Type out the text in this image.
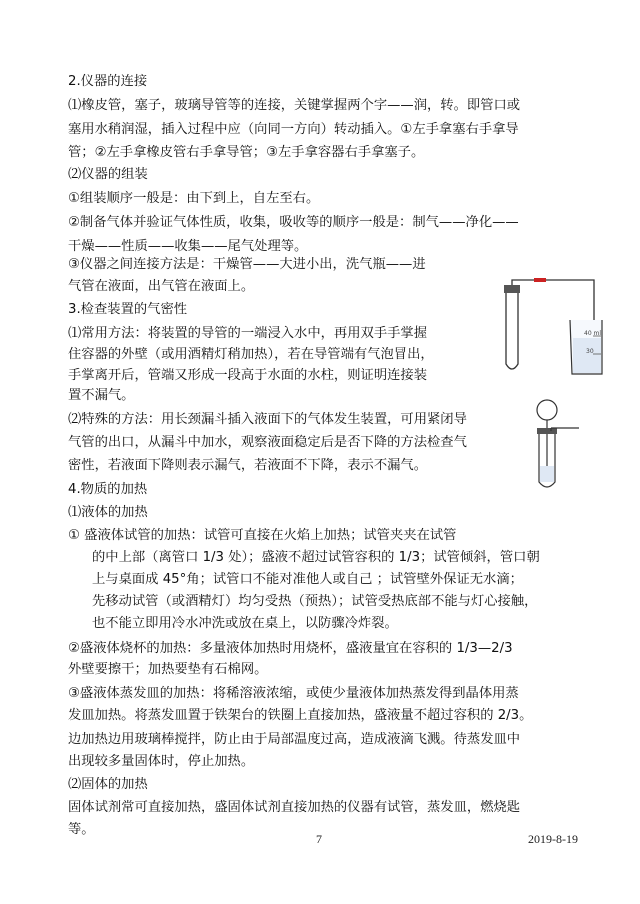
​
2.仪器的连接
⑴橡皮管，塞子，玻璃导管等的连接，关键掌握两个字——润，转。即管口或
塞用水稍润湿，插入过程中应（向同一方向）转动插入。①左手拿塞右手拿导
管；②左手拿橡皮管右手拿导管；③左手拿容器右手拿塞子。
⑵仪器的组装
①组装顺序一般是：由下到上，自左至右。
②制备气体并验证气体性质，收集，吸收等的顺序一般是：制气——净化——
干燥——性质——收集——尾气处理等。
③仪器之间连接方法是：干燥管——大进小出，洗气瓶——进
气管在液面，出气管在液面上。
3.检查装置的气密性
⑴常用方法：将装置的导管的一端浸入水中，再用双手手掌握
住容器的外壁（或用酒精灯稍加热），若在导管端有气泡冒出，
手掌离开后，管端又形成一段高于水面的水柱，则证明连接装
置不漏气。
⑵特殊的方法：用长颈漏斗插入液面下的气体发生装置，可用紧闭导
气管的出口，从漏斗中加水，观察液面稳定后是否下降的方法检查气
密性，若液面下降则表示漏气，若液面不下降，表示不漏气。
4.物质的加热
⑴液体的加热
① 盛液体试管的加热：试管可直接在火焰上加热；试管夹夹在试管
的中上部（离管口 1/3 处）；盛液不超过试管容积的 1/3；试管倾斜，管口朝
上与桌面成 45°角；试管口不能对准他人或自己 ；试管壁外保证无水滴；
先移动试管（或酒精灯）均匀受热（预热）；试管受热底部不能与灯心接触，
也不能立即用冷水冲洗或放在桌上，以防骤冷炸裂。
②盛液体烧杯的加热：多量液体加热时用烧杯，盛液量宜在容积的 1/3—2/3
外壁要擦干；加热要垫有石棉网。
③盛液体蒸发皿的加热：将稀溶液浓缩，或使少量液体加热蒸发得到晶体用蒸
发皿加热。将蒸发皿置于铁架台的铁圈上直接加热，盛液量不超过容积的 2/3。
边加热边用玻璃棒搅拌，防止由于局部温度过高，造成液滴飞溅。待蒸发皿中
出现较多量固体时，停止加热。
⑵固体的加热
固体试剂常可直接加热，盛固体试剂直接加热的仪器有试管，蒸发皿，燃烧匙
等。
40 ml
30
7	2019-8-19
